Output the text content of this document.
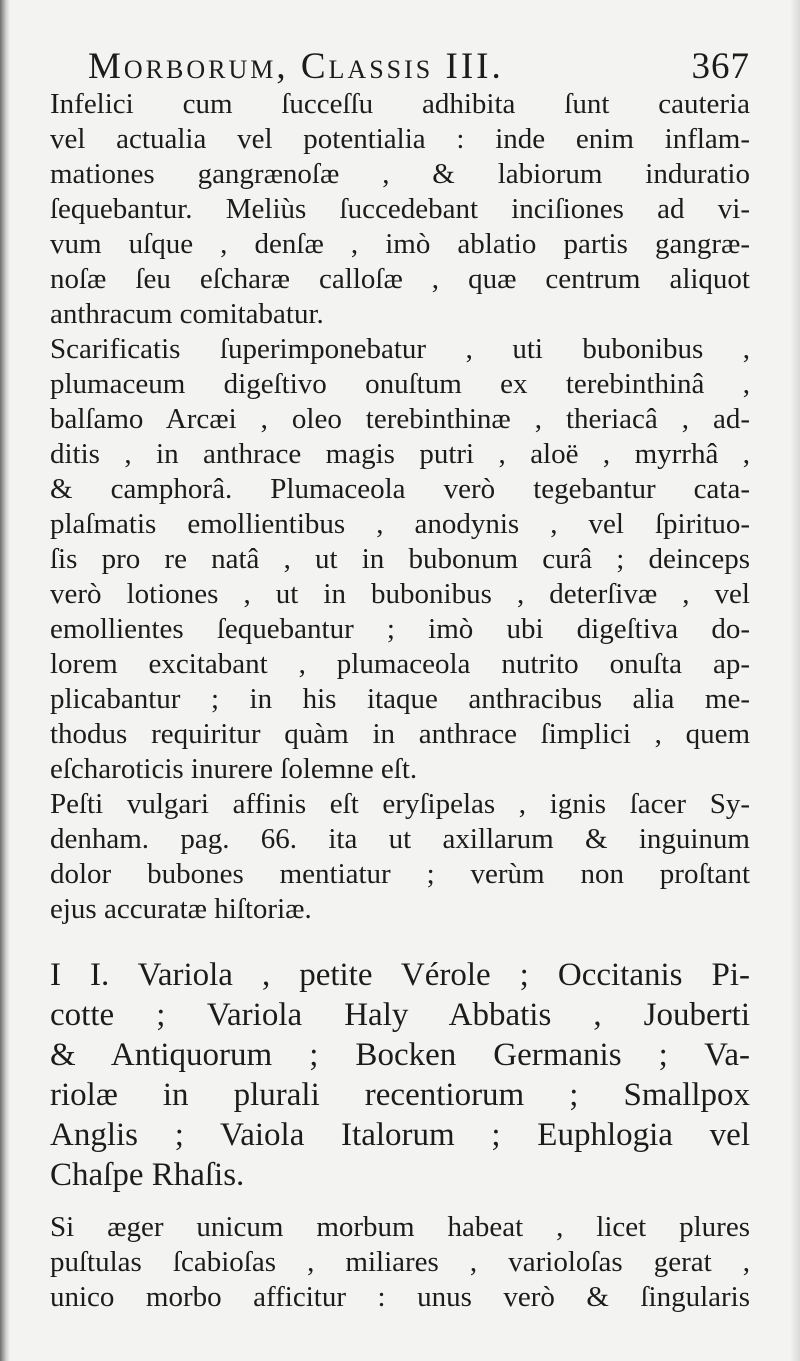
Morborum, Classis III.	367
Infelici cum ſucceſſu adhibita ſunt cauteria
vel actualia vel potentialia : inde enim inflam-
mationes gangrænoſæ , & labiorum induratio
ſequebantur. Meliùs ſuccedebant inciſiones ad vi-
vum uſque , denſæ , imò ablatio partis gangræ-
noſæ ſeu eſcharæ calloſæ , quæ centrum aliquot
anthracum comitabatur.
Scarificatis ſuperimponebatur , uti bubonibus ,
plumaceum digeſtivo onuſtum ex terebinthinâ ,
balſamo Arcæi , oleo terebinthinæ , theriacâ , ad-
ditis , in anthrace magis putri , aloë , myrrhâ ,
& camphorâ. Plumaceola verò tegebantur cata-
plaſmatis emollientibus , anodynis , vel ſpirituo-
ſis pro re natâ , ut in bubonum curâ ; deinceps
verò lotiones , ut in bubonibus , deterſivæ , vel
emollientes ſequebantur ; imò ubi digeſtiva do-
lorem excitabant , plumaceola nutrito onuſta ap-
plicabantur ; in his itaque anthracibus alia me-
thodus requiritur quàm in anthrace ſimplici , quem
eſcharoticis inurere ſolemne eſt.
Peſti vulgari affinis eſt eryſipelas , ignis ſacer Sy-
denham. pag. 66. ita ut axillarum & inguinum
dolor bubones mentiatur ; verùm non proſtant
ejus accuratæ hiſtoriæ.
I I. Variola , petite Vérole ; Occitanis Pi-
cotte ; Variola Haly Abbatis , Jouberti
& Antiquorum ; Bocken Germanis ; Va-
riolæ in plurali recentiorum ; Smallpox
Anglis ; Vaiola Italorum ; Euphlogia vel
Chaſpe Rhaſis.
Si æger unicum morbum habeat , licet plures
puſtulas ſcabioſas , miliares , varioloſas gerat ,
unico morbo afficitur : unus verò & ſingularis
